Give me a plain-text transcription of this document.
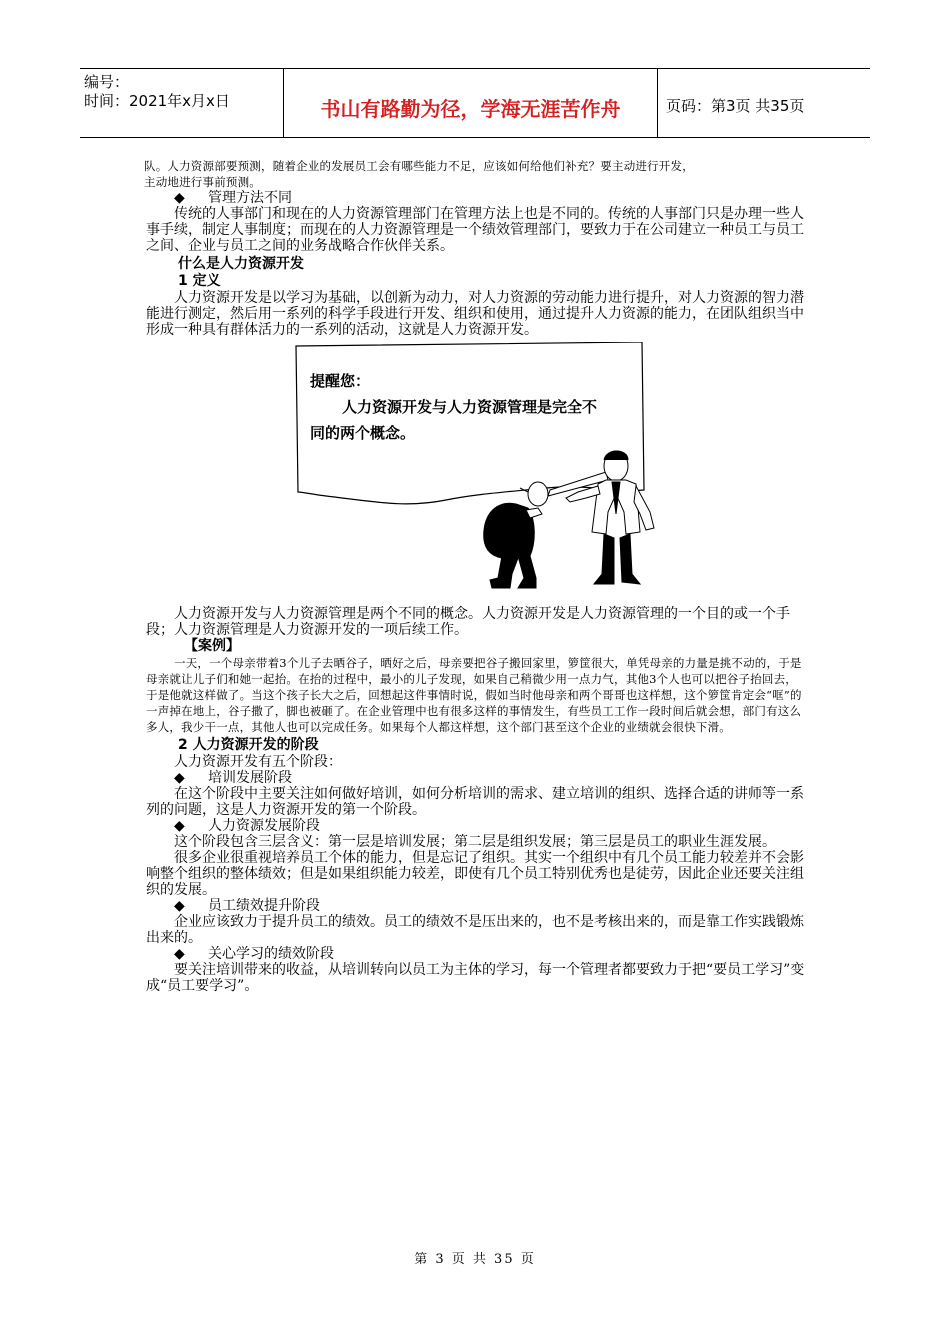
编号：
时间：2021年x月x日	书山有路勤为径，学海无涯苦作舟	页码：第3页 共35页

队。人力资源部要预测，随着企业的发展员工会有哪些能力不足，应该如何给他们补充？要主动进行开发，

主动地进行事前预测。

◆ 管理方法不同

传统的人事部门和现在的人力资源管理部门在管理方法上也是不同的。传统的人事部门只是办理一些人事手续，制定人事制度；而现在的人力资源管理是一个绩效管理部门，要致力于在公司建立一种员工与员工之间、企业与员工之间的业务战略合作伙伴关系。

什么是人力资源开发

1 定义

人力资源开发是以学习为基础，以创新为动力，对人力资源的劳动能力进行提升，对人力资源的智力潜能进行测定，然后用一系列的科学手段进行开发、组织和使用，通过提升人力资源的能力，在团队组织当中形成一种具有群体活力的一系列的活动，这就是人力资源开发。

提醒您：
人力资源开发与人力资源管理是完全不
同的两个概念。

人力资源开发与人力资源管理是两个不同的概念。人力资源开发是人力资源管理的一个目的或一个手段；人力资源管理是人力资源开发的一项后续工作。

【案例】

一天，一个母亲带着3个儿子去晒谷子，晒好之后，母亲要把谷子搬回家里，箩筐很大，单凭母亲的力量是挑不动的，于是母亲就让儿子们和她一起抬。在抬的过程中，最小的儿子发现，如果自己稍微少用一点力气，其他3个人也可以把谷子抬回去，于是他就这样做了。当这个孩子长大之后，回想起这件事情时说，假如当时他母亲和两个哥哥也这样想，这个箩筐肯定会“哐”的一声掉在地上，谷子撒了，脚也被砸了。在企业管理中也有很多这样的事情发生，有些员工工作一段时间后就会想，部门有这么多人，我少干一点，其他人也可以完成任务。如果每个人都这样想，这个部门甚至这个企业的业绩就会很快下滑。

2 人力资源开发的阶段

人力资源开发有五个阶段：

◆ 培训发展阶段

在这个阶段中主要关注如何做好培训，如何分析培训的需求、建立培训的组织、选择合适的讲师等一系列的问题，这是人力资源开发的第一个阶段。

◆ 人力资源发展阶段

这个阶段包含三层含义：第一层是培训发展；第二层是组织发展；第三层是员工的职业生涯发展。

很多企业很重视培养员工个体的能力，但是忘记了组织。其实一个组织中有几个员工能力较差并不会影响整个组织的整体绩效；但是如果组织能力较差，即使有几个员工特别优秀也是徒劳，因此企业还要关注组织的发展。

◆ 员工绩效提升阶段

企业应该致力于提升员工的绩效。员工的绩效不是压出来的，也不是考核出来的，而是靠工作实践锻炼出来的。

◆ 关心学习的绩效阶段

要关注培训带来的收益，从培训转向以员工为主体的学习，每一个管理者都要致力于把“要员工学习”变成“员工要学习”。

第 3 页 共 35 页
